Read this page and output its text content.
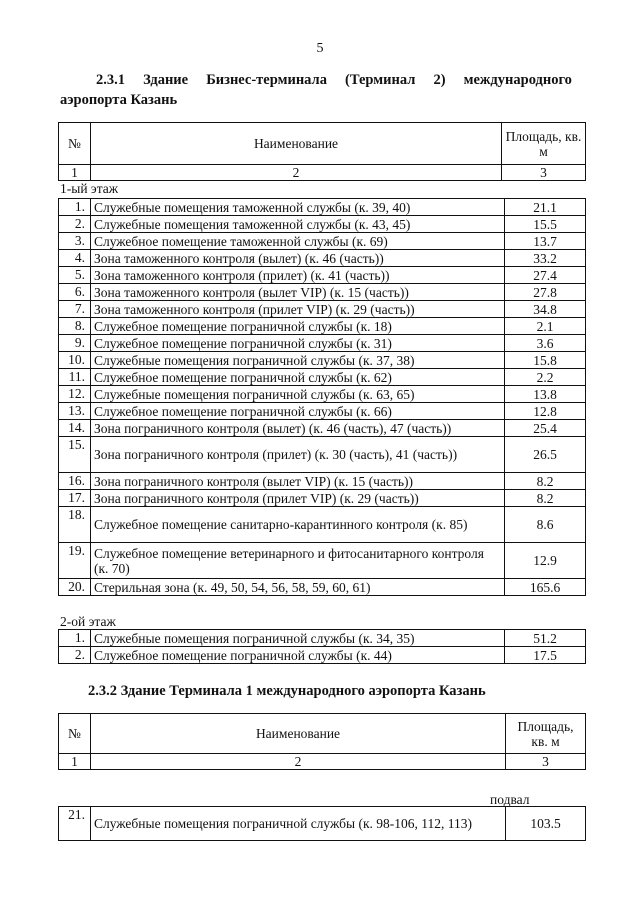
5
2.3.1 Здание Бизнес-терминала (Терминал 2) международного
аэропорта Казань
№	Наименование	Площадь, кв. м
1	2	3
1-ый этаж
1.	Служебные помещения таможенной службы (к. 39, 40)	21.1
2.	Служебные помещения таможенной службы (к. 43, 45)	15.5
3.	Служебное помещение таможенной службы (к. 69)	13.7
4.	Зона таможенного контроля (вылет) (к. 46 (часть))	33.2
5.	Зона таможенного контроля (прилет) (к. 41 (часть))	27.4
6.	Зона таможенного контроля (вылет VIP) (к. 15 (часть))	27.8
7.	Зона таможенного контроля (прилет VIP) (к. 29 (часть))	34.8
8.	Служебное помещение пограничной службы (к. 18)	2.1
9.	Служебное помещение пограничной службы (к. 31)	3.6
10.	Служебные помещения пограничной службы (к. 37, 38)	15.8
11.	Служебное помещение пограничной службы (к. 62)	2.2
12.	Служебные помещения пограничной службы (к. 63, 65)	13.8
13.	Служебное помещение пограничной службы (к. 66)	12.8
14.	Зона пограничного контроля (вылет) (к. 46 (часть), 47 (часть))	25.4
15.	Зона пограничного контроля (прилет) (к. 30 (часть), 41 (часть))	26.5
16.	Зона пограничного контроля (вылет VIP) (к. 15 (часть))	8.2
17.	Зона пограничного контроля (прилет VIP) (к. 29 (часть))	8.2
18.	Служебное помещение санитарно-карантинного контроля (к. 85)	8.6
19.	Служебное помещение ветеринарного и фитосанитарного контроля (к. 70)	12.9
20.	Стерильная зона (к. 49, 50, 54, 56, 58, 59, 60, 61)	165.6
2-ой этаж
1.	Служебные помещения пограничной службы (к. 34, 35)	51.2
2.	Служебное помещение пограничной службы (к. 44)	17.5
2.3.2 Здание Терминала 1 международного аэропорта Казань
№	Наименование	Площадь, кв. м
1	2	3
подвал
21.	Служебные помещения пограничной службы (к. 98-106, 112, 113)	103.5
